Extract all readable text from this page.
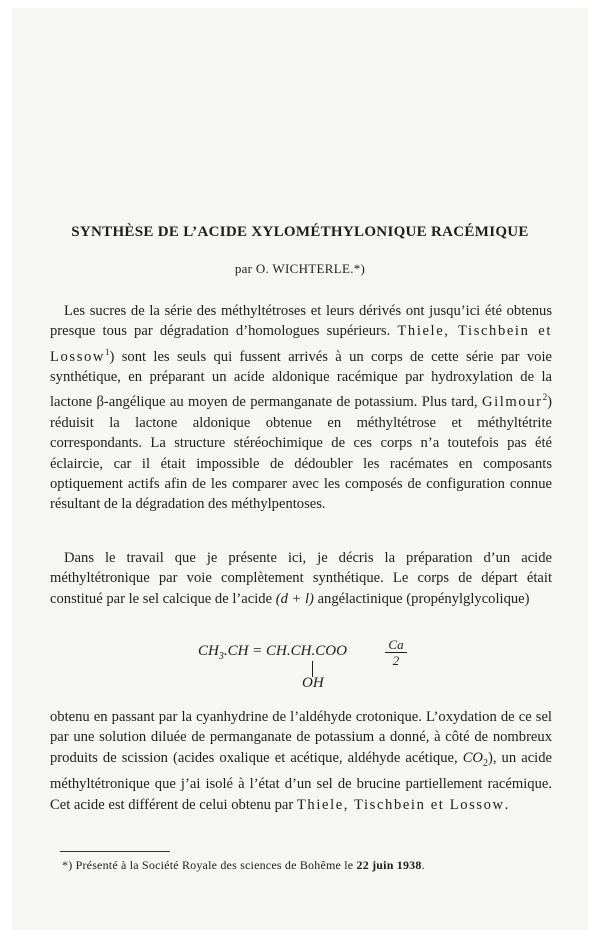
SYNTHÈSE DE L’ACIDE XYLOMÉTHYLONIQUE RACÉMIQUE
par O. WICHTERLE.*)
Les sucres de la série des méthyltétroses et leurs dérivés ont jusqu’ici été obtenus presque tous par dégradation d’homologues supérieurs. Thiele, Tischbein et Lossow$^1$) sont les seuls qui fussent arrivés à un corps de cette série par voie synthétique, en préparant un acide aldonique racémique par hydroxylation de la lactone β-angélique au moyen de permanganate de potassium. Plus tard, Gilmour$^2$) réduisit la lactone aldonique obtenue en méthyltétrose et méthyltétrite correspondants. La structure stéréochimique de ces corps n’a toutefois pas été éclaircie, car il était impossible de dédoubler les racémates en composants optiquement actifs afin de les comparer avec les composés de configuration connue résultant de la dégradation des méthylpentoses.
Dans le travail que je présente ici, je décris la préparation d’un acide méthyltétronique par voie complètement synthétique. Le corps de départ était constitué par le sel calcique de l’acide (d + l) angélactinique (propénylglycolique)
$CH_3.CH = CH.CH.COO$	$\frac{Ca}{2}$
OH
obtenu en passant par la cyanhydrine de l’aldéhyde crotonique. L’oxydation de ce sel par une solution diluée de permanganate de potassium a donné, à côté de nombreux produits de scission (acides oxalique et acétique, aldéhyde acétique, $CO_2$), un acide méthyltétronique que j’ai isolé à l’état d’un sel de brucine partiellement racémique. Cet acide est différent de celui obtenu par Thiele, Tischbein et Lossow.
*) Présenté à la Société Royale des sciences de Bohême le 22 juin 1938.
